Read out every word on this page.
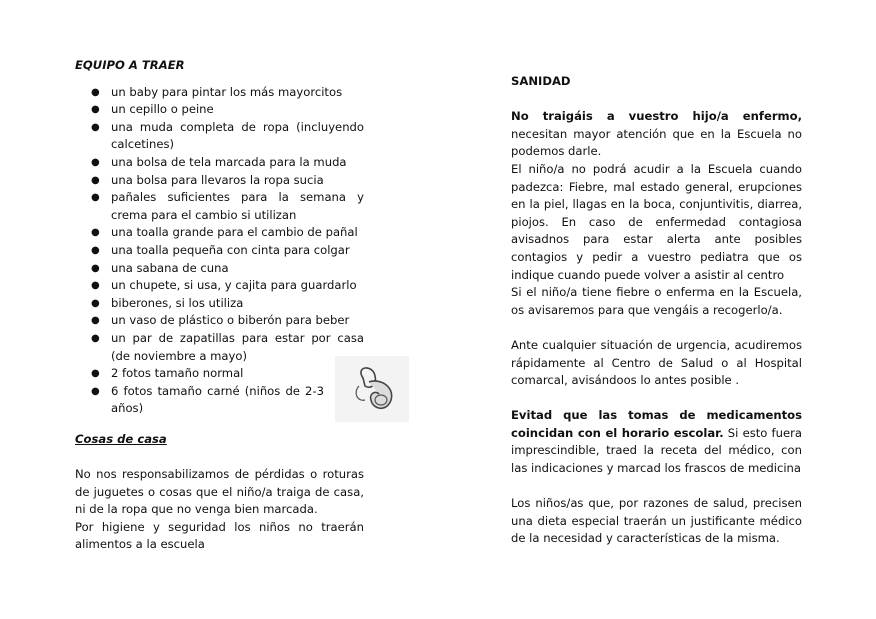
EQUIPO A TRAER

● un baby para pintar los más mayorcitos
● un cepillo o peine
● una muda completa de ropa (incluyendo calcetines)
● una bolsa de tela marcada para la muda
● una bolsa para llevaros la ropa sucia
● pañales suficientes para la semana y crema para el cambio si utilizan
● una toalla grande para el cambio de pañal
● una toalla pequeña con cinta para colgar
● una sabana de cuna
● un chupete, si usa, y cajita para guardarlo
● biberones, si los utiliza
● un vaso de plástico o biberón para beber
● un par de zapatillas para estar por casa (de noviembre a mayo)
● 2 fotos tamaño normal
● 6 fotos tamaño carné (niños de 2-3 años)

Cosas de casa

No nos responsabilizamos de pérdidas o roturas de juguetes o cosas que el niño/a traiga de casa, ni de la ropa que no venga bien marcada.

Por higiene y seguridad los niños no traerán alimentos a la escuela

SANIDAD

No traigáis a vuestro hijo/a enfermo, necesitan mayor atención que en la Escuela no podemos darle.

El niño/a no podrá acudir a la Escuela cuando padezca: Fiebre, mal estado general, erupciones en la piel, llagas en la boca, conjuntivitis, diarrea, piojos. En caso de enfermedad contagiosa avisadnos para estar alerta ante posibles contagios y pedir a vuestro pediatra que os indique cuando puede volver a asistir al centro

Si el niño/a tiene fiebre o enferma en la Escuela, os avisaremos para que vengáis a recogerlo/a.

Ante cualquier situación de urgencia, acudiremos rápidamente al Centro de Salud o al Hospital comarcal, avisándoos lo antes posible .

Evitad que las tomas de medicamentos coincidan con el horario escolar. Si esto fuera imprescindible, traed la receta del médico, con las indicaciones y marcad los frascos de medicina

Los niños/as que, por razones de salud, precisen una dieta especial traerán un justificante médico de la necesidad y características de la misma.
